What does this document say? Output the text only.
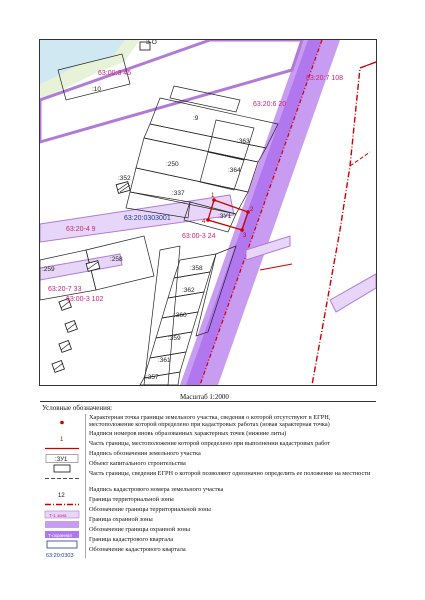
1
2
3
4
63:00:8 45
63:20:7 108
63:20:6 20
3-О
:10
:9
:363
:250
:364
:352
:337
:ЗУ1
63:20:0303001
63:20-4 9
63:00-3 24
:258
:259	:358
:362
63:20-7 33
63:00-3 102
:360
:359
:361
:357
Масштаб 1:2000
Условные обозначения:
Характерная точка границы земельного участка, сведения о которой отсутствуют в ЕГРН, местоположение которой определено при кадастровых работах (новая характерная точка)
1
Надписи номеров вновь образованных характерных точек (нижние литы)
Часть границы, местоположение которой определено при выполнении кадастровых работ
:ЗУ1
Надпись обозначения земельного участка
Объект капитального строительства
Часть границы, сведения ЕГРН о которой позволяют однозначно определить ее положение на местности
12
Надпись кадастрового номера земельного участка
Граница территориальной зоны
Т-1 зона
Обозначение границы территориальной зоны
Граница охранной зоны
Т-охранная
Обозначение границы охранной зоны
Граница кадастрового квартала
63:20:0303
Обозначение кадастрового квартала
